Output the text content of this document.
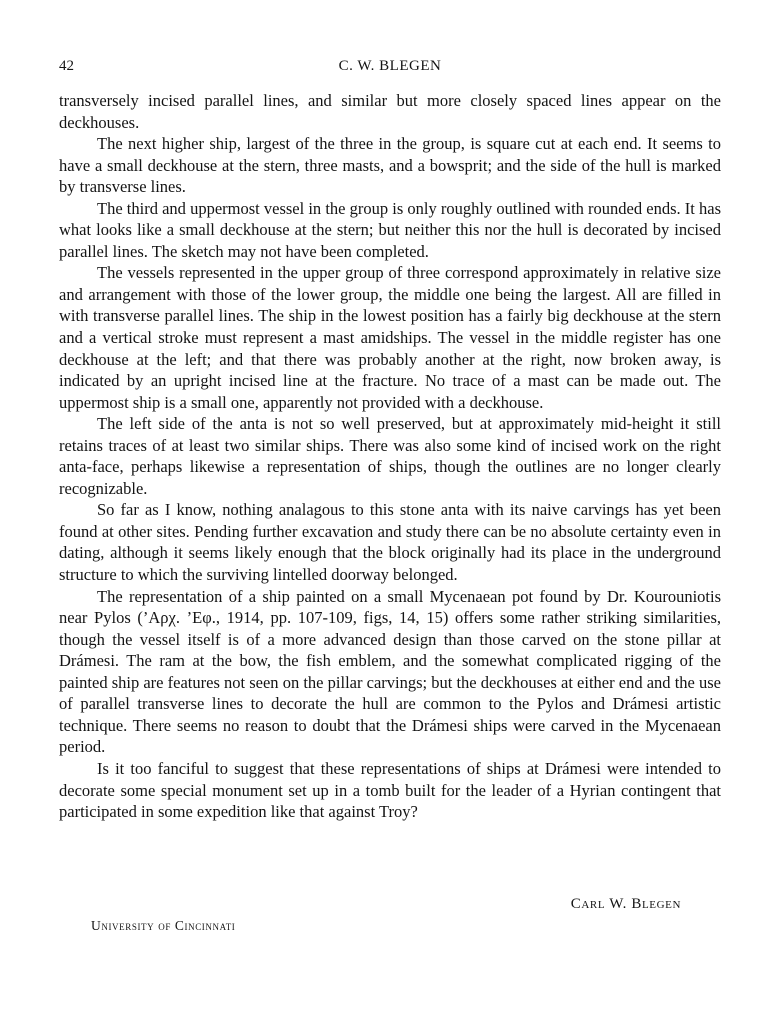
42	C. W. BLEGEN

transversely incised parallel lines, and similar but more closely spaced lines appear on the deckhouses.

The next higher ship, largest of the three in the group, is square cut at each end. It seems to have a small deckhouse at the stern, three masts, and a bowsprit; and the side of the hull is marked by transverse lines.

The third and uppermost vessel in the group is only roughly outlined with rounded ends. It has what looks like a small deckhouse at the stern; but neither this nor the hull is decorated by incised parallel lines. The sketch may not have been completed.

The vessels represented in the upper group of three correspond approximately in relative size and arrangement with those of the lower group, the middle one being the largest. All are filled in with transverse parallel lines. The ship in the lowest position has a fairly big deckhouse at the stern and a vertical stroke must represent a mast amidships. The vessel in the middle register has one deckhouse at the left; and that there was probably another at the right, now broken away, is indicated by an upright incised line at the fracture. No trace of a mast can be made out. The uppermost ship is a small one, apparently not provided with a deckhouse.

The left side of the anta is not so well preserved, but at approximately mid-height it still retains traces of at least two similar ships. There was also some kind of incised work on the right anta-face, perhaps likewise a representation of ships, though the outlines are no longer clearly recognizable.

So far as I know, nothing analagous to this stone anta with its naive carvings has yet been found at other sites. Pending further excavation and study there can be no absolute certainty even in dating, although it seems likely enough that the block originally had its place in the underground structure to which the surviving lintelled doorway belonged.

The representation of a ship painted on a small Mycenaean pot found by Dr. Kourouniotis near Pylos (’Αρχ. ’Εφ., 1914, pp. 107-109, figs, 14, 15) offers some rather striking similarities, though the vessel itself is of a more advanced design than those carved on the stone pillar at Drámesi. The ram at the bow, the fish emblem, and the somewhat complicated rigging of the painted ship are features not seen on the pillar carvings; but the deckhouses at either end and the use of parallel transverse lines to decorate the hull are common to the Pylos and Drámesi artistic technique. There seems no reason to doubt that the Drámesi ships were carved in the Mycenaean period.

Is it too fanciful to suggest that these representations of ships at Drámesi were intended to decorate some special monument set up in a tomb built for the leader of a Hyrian contingent that participated in some expedition like that against Troy?

Carl W. Blegen
University of Cincinnati
